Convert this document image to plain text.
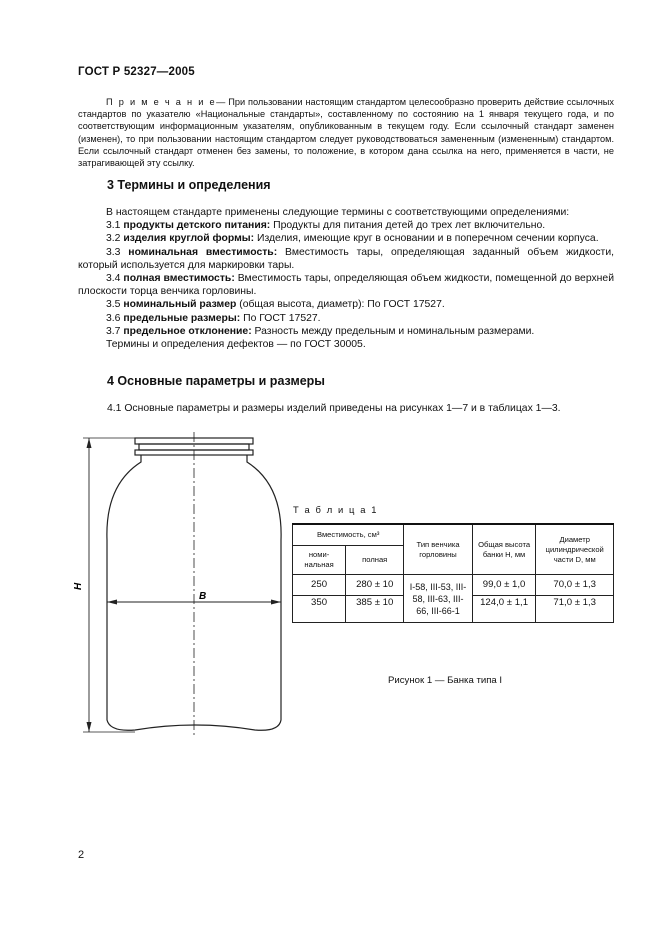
ГОСТ Р 52327—2005
П р и м е ч а н и е— При пользовании настоящим стандартом целесообразно проверить действие ссылочных стандартов по указателю «Национальные стандарты», составленному по состоянию на 1 января текущего года, и по соответствующим информационным указателям, опубликованным в текущем году. Если ссылочный стандарт заменен (изменен), то при пользовании настоящим стандартом следует руководствоваться замененным (измененным) стандартом. Если ссылочный стандарт отменен без замены, то положение, в котором дана ссылка на него, применяется в части, не затрагивающей эту ссылку.
3 Термины и определения

В настоящем стандарте применены следующие термины с соответствующими определениями:

3.1 продукты детского питания: Продукты для питания детей до трех лет включительно.

3.2 изделия круглой формы: Изделия, имеющие круг в основании и в поперечном сечении корпуса.

3.3 номинальная вместимость: Вместимость тары, определяющая заданный объем жидкости, который используется для маркировки тары.

3.4 полная вместимость: Вместимость тары, определяющая объем жидкости, помещенной до верхней плоскости торца венчика горловины.

3.5 номинальный размер (общая высота, диаметр): По ГОСТ 17527.

3.6 предельные размеры: По ГОСТ 17527.

3.7 предельное отклонение: Разность между предельным и номинальным размерами.

Термины и определения дефектов — по ГОСТ 30005.

4 Основные параметры и размеры
4.1 Основные параметры и размеры изделий приведены на рисунках 1—7 и в таблицах 1—3.
H
B
Т а б л и ц а 1
Вместимость, см³		Тип венчика горловины	Общая высота банки H, мм	Диаметр цилиндрической части D, мм
номи-нальная	полная			
250	280 ± 10	I-58, III-53, III-58, III-63, III-66, III-66-1	99,0 ± 1,0	70,0 ± 1,3
350	385 ± 10		124,0 ± 1,1	71,0 ± 1,3
Рисунок 1 — Банка типа I
2
